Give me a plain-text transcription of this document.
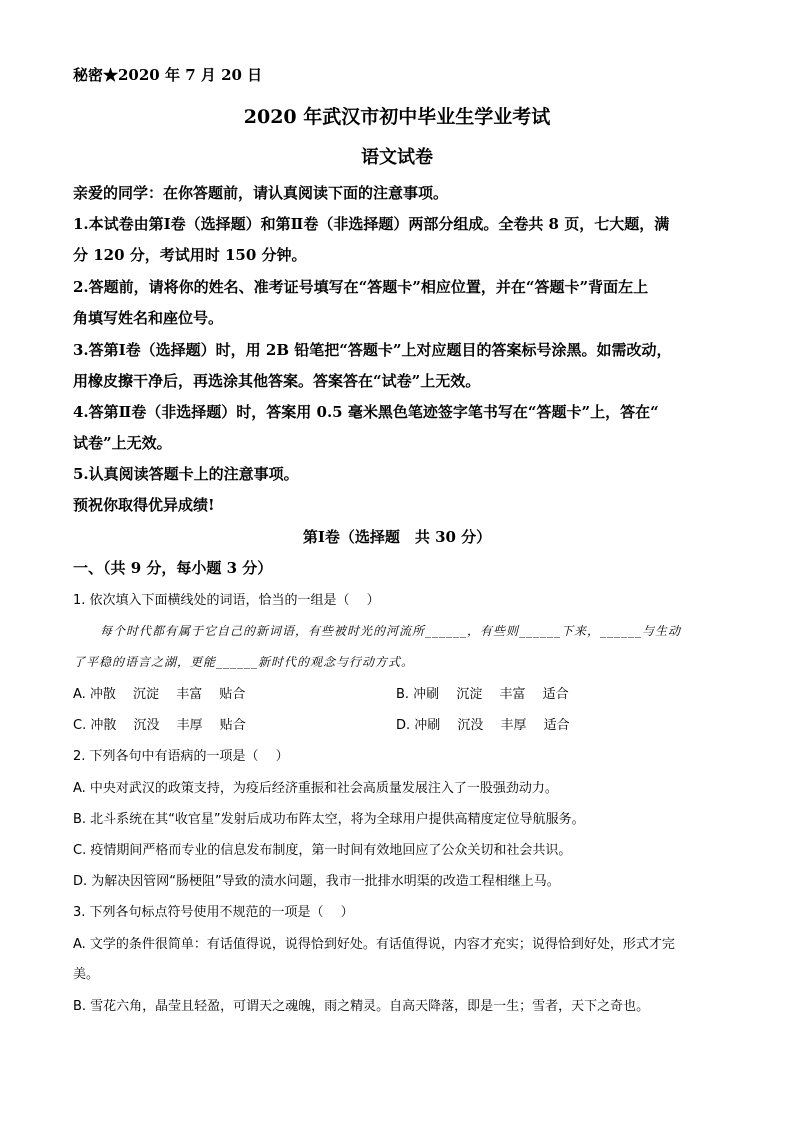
秘密★2020 年 7 月 20 日
2020 年武汉市初中毕业生学业考试
语文试卷
亲爱的同学：在你答题前，请认真阅读下面的注意事项。
1.本试卷由第Ⅰ卷（选择题）和第Ⅱ卷（非选择题）两部分组成。全卷共 8 页，七大题，满
分 120 分，考试用时 150 分钟。
2.答题前，请将你的姓名、准考证号填写在“答题卡”相应位置，并在“答题卡”背面左上
角填写姓名和座位号。
3.答第Ⅰ卷（选择题）时，用 2B 铅笔把“答题卡”上对应题目的答案标号涂黑。如需改动，
用橡皮擦干净后，再选涂其他答案。答案答在“试卷”上无效。
4.答第Ⅱ卷（非选择题）时，答案用 0.5 毫米黑色笔迹签字笔书写在“答题卡”上，答在“
试卷”上无效。
5.认真阅读答题卡上的注意事项。
预祝你取得优异成绩!
第Ⅰ卷（选择题　共 30 分）
一、（共 9 分，每小题 3 分）
1. 依次填入下面横线处的词语，恰当的一组是（　 ）
每个时代都有属于它自己的新词语，有些被时光的河流所______，有些则______下来，______与生动
了平稳的语言之湖，更能______新时代的观念与行动方式。
A. 冲散　 沉淀　 丰富　 贴合	B. 冲刷　 沉淀　 丰富　 适合
C. 冲散　 沉没　 丰厚　 贴合	D. 冲刷　 沉没　 丰厚　 适合
2. 下列各句中有语病的一项是（　 ）
A. 中央对武汉的政策支持，为疫后经济重振和社会高质量发展注入了一股强劲动力。
B. 北斗系统在其“收官星”发射后成功布阵太空，将为全球用户提供高精度定位导航服务。
C. 疫情期间严格而专业的信息发布制度，第一时间有效地回应了公众关切和社会共识。
D. 为解决因管网“肠梗阻”导致的渍水问题，我市一批排水明渠的改造工程相继上马。
3. 下列各句标点符号使用不规范的一项是（　 ）
A. 文学的条件很简单：有话值得说，说得恰到好处。有话值得说，内容才充实；说得恰到好处，形式才完
美。
B. 雪花六角，晶莹且轻盈，可谓天之魂魄，雨之精灵。自高天降落，即是一生；雪者，天下之奇也。
